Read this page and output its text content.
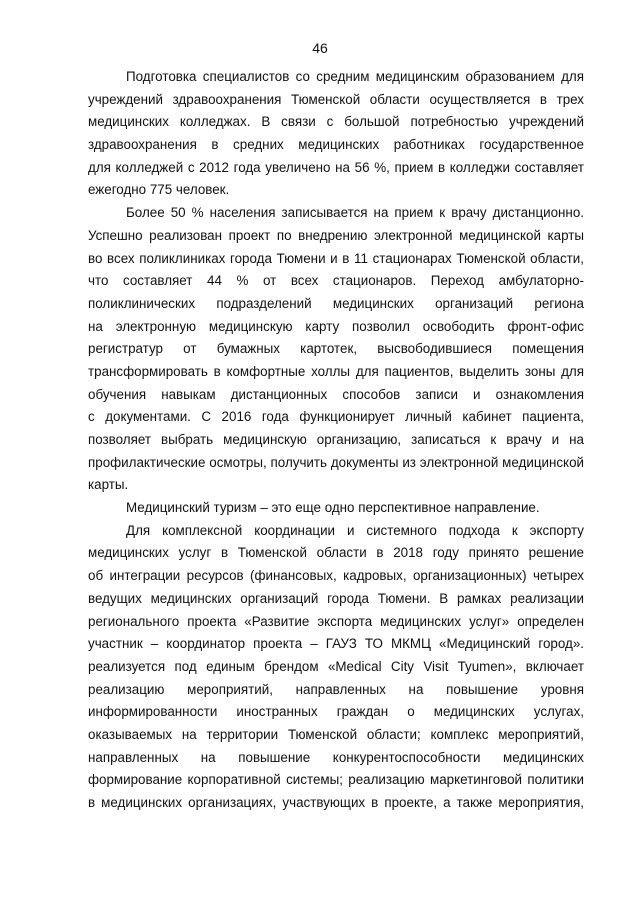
46
Подготовка специалистов со средним медицинским образованием для
учреждений здравоохранения Тюменской области осуществляется в трех
медицинских колледжах. В связи с большой потребностью учреждений
здравоохранения в средних медицинских работниках государственное
для колледжей с 2012 года увеличено на 56 %, прием в колледжи составляет
ежегодно 775 человек.
Более 50 % населения записывается на прием к врачу дистанционно.
Успешно реализован проект по внедрению электронной медицинской карты
во всех поликлиниках города Тюмени и в 11 стационарах Тюменской области,
что составляет 44 % от всех стационаров. Переход амбулаторно-
поликлинических подразделений медицинских организаций региона
на электронную медицинскую карту позволил освободить фронт-офис
регистратур от бумажных картотек, высвободившиеся помещения
трансформировать в комфортные холлы для пациентов, выделить зоны для
обучения навыкам дистанционных способов записи и ознакомления
с документами. С 2016 года функционирует личный кабинет пациента,
позволяет выбрать медицинскую организацию, записаться к врачу и на
профилактические осмотры, получить документы из электронной медицинской
карты.
Медицинский туризм – это еще одно перспективное направление.
Для комплексной координации и системного подхода к экспорту
медицинских услуг в Тюменской области в 2018 году принято решение
об интеграции ресурсов (финансовых, кадровых, организационных) четырех
ведущих медицинских организаций города Тюмени. В рамках реализации
регионального проекта «Развитие экспорта медицинских услуг» определен
участник – координатор проекта – ГАУЗ ТО МКМЦ «Медицинский город».
реализуется под единым брендом «Medical City Visit Tyumen», включает
реализацию мероприятий, направленных на повышение уровня
информированности иностранных граждан о медицинских услугах,
оказываемых на территории Тюменской области; комплекс мероприятий,
направленных на повышение конкурентоспособности медицинских
формирование корпоративной системы; реализацию маркетинговой политики
в медицинских организациях, участвующих в проекте, а также мероприятия,
